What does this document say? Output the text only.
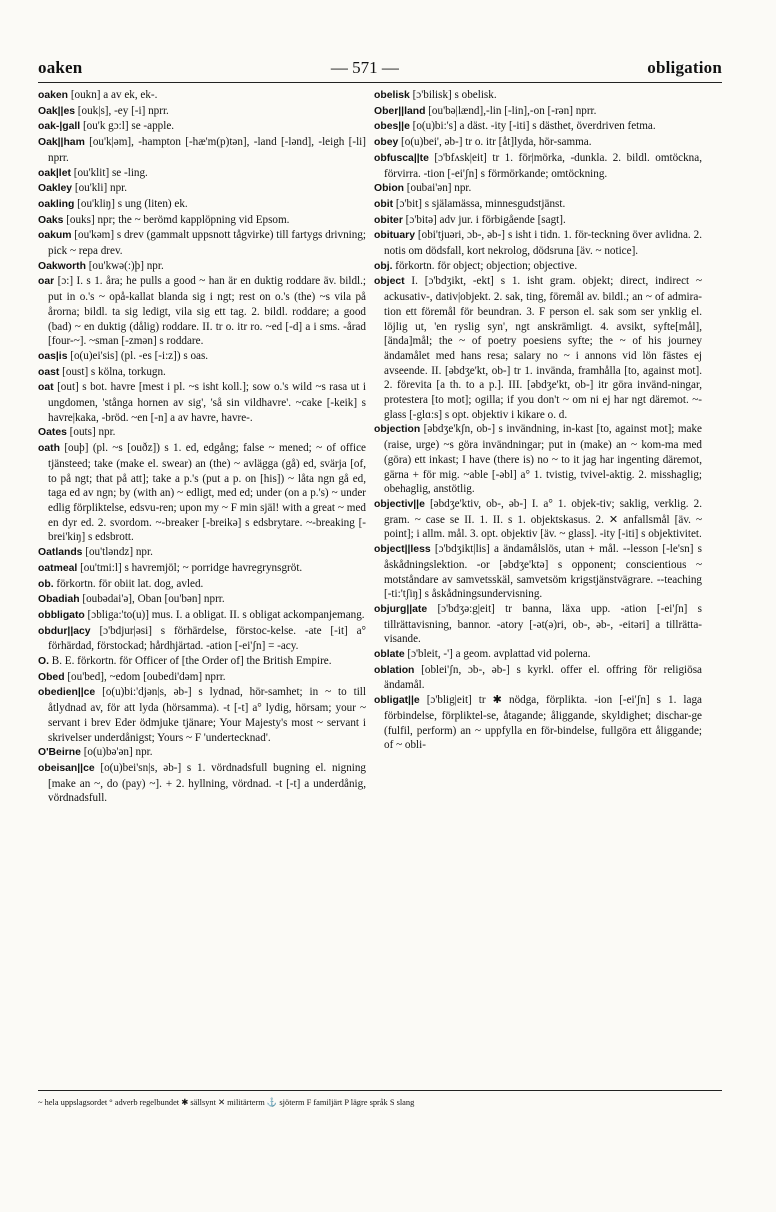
oaken	— 571 —	obligation

oaken [oukn] a av ek, ek-.

Oak||es [ouk|s], -ey [-i] nprr.

oak-|gall [ou'k gɔ:l] se -apple.

Oak||ham [ou'k|əm], -hampton [-hæ'm(p)tən], -land [-lənd], -leigh [-li] nprr.

oak|let [ou'klit] se -ling.

Oakley [ou'kli] npr.

oakling [ou'kliŋ] s ung (liten) ek.

Oaks [ouks] npr; the ~ berömd kapplöpning vid Epsom.

oakum [ou'kəm] s drev (gammalt uppsnott tågvirke) till fartygs drivning; pick ~ repa drev.

Oakworth [ou'kwə(:)þ] npr.

oar [ɔ:] I. s 1. åra; he pulls a good ~ han är en duktig roddare äv. bildl.; put in o.'s ~ opå-kallat blanda sig i ngt; rest on o.'s (the) ~s vila på årorna; bildl. ta sig ledigt, vila sig ett tag. 2. bildl. roddare; a good (bad) ~ en duktig (dålig) roddare. II. tr o. itr ro. ~ed [-d] a i sms. -årad [four-~]. ~sman [-zmən] s roddare.

oas|is [o(u)ei'sis] (pl. -es [-i:z]) s oas.

oast [oust] s kölna, torkugn.

oat [out] s bot. havre [mest i pl. ~s isht koll.]; sow o.'s wild ~s rasa ut i ungdomen, 'stånga hornen av sig', 'så sin vildhavre'. ~cake [-keik] s havre|kaka, -bröd. ~en [-n] a av havre, havre-.

Oates [outs] npr.

oath [ouþ] (pl. ~s [ouðz]) s 1. ed, edgång; false ~ mened; ~ of office tjänsteed; take (make el. swear) an (the) ~ avlägga (gå) ed, svärja [of, to på ngt; that på att]; take a p.'s (put a p. on [his]) ~ låta ngn gå ed, taga ed av ngn; by (with an) ~ edligt, med ed; under (on a p.'s) ~ under edlig förpliktelse, edsvu-ren; upon my ~ F min själ! with a great ~ med en dyr ed. 2. svordom. ~-breaker [-breikə] s edsbrytare. ~-breaking [-brei'kiŋ] s edsbrott.

Oatlands [ou'tləndz] npr.

oatmeal [ou'tmi:l] s havremjöl; ~ porridge havregrynsgröt.

ob. förkortn. för obiit lat. dog, avled.

Obadiah [oubədai'ə], Oban [ou'bən] nprr.

obbligato [ɔbliga:'to(u)] mus. I. a obligat. II. s obligat ackompanjemang.

obdur||acy [ɔ'bdjur|əsi] s förhärdelse, förstoc-kelse. -ate [-it] a° förhärdad, förstockad; hårdhjärtad. -ation [-ei'ʃn] = -acy.

O. B. E. förkortn. för Officer of [the Order of] the British Empire.

Obed [ou'bed], ~edom [oubedi'dəm] nprr.

obedien||ce [o(u)bi:'djən|s, əb-] s lydnad, hör-samhet; in ~ to till åtlydnad av, för att lyda (hörsamma). -t [-t] a° lydig, hörsam; your ~ servant i brev Eder ödmjuke tjänare; Your Majesty's most ~ servant i skrivelser underdånigst; Yours ~ F 'undertecknad'.

O'Beirne [o(u)bə'ən] npr.

obeisan||ce [o(u)bei'sn|s, əb-] s 1. vördnadsfull bugning el. nigning [make an ~, do (pay) ~]. + 2. hyllning, vördnad. -t [-t] a underdånig, vördnadsfull.

obelisk [ɔ'bilisk] s obelisk.

Ober||land [ou'bə|lænd],-lin [-lin],-on [-rən] nprr.

obes||e [o(u)bi:'s] a däst. -ity [-iti] s dästhet, överdriven fetma.

obey [o(u)bei', əb-] tr o. itr [åt]lyda, hör-samma.

obfusca||te [ɔ'bfʌsk|eit] tr 1. för|mörka, -dunkla. 2. bildl. omtöckna, förvirra. -tion [-ei'ʃn] s förmörkande; omtöckning.

Obion [oubai'ən] npr.

obit [ɔ'bit] s själamässa, minnesgudstjänst.

obiter [ɔ'bitə] adv jur. i förbigående [sagt].

obituary [obi'tjuəri, ɔb-, əb-] s isht i tidn. 1. för-teckning över avlidna. 2. notis om dödsfall, kort nekrolog, dödsruna [äv. ~ notice].

obj. förkortn. för object; objection; objective.

object I. [ɔ'bdʒikt, -ekt] s 1. isht gram. objekt; direct, indirect ~ ackusativ-, dativ|objekt. 2. sak, ting, föremål av. bildl.; an ~ of admira-tion ett föremål för beundran. 3. F person el. sak som ser ynklig el. löjlig ut, 'en ryslig syn', ngt anskrämligt. 4. avsikt, syfte[mål], [ända]mål; the ~ of poetry poesiens syfte; the ~ of his journey ändamålet med hans resa; salary no ~ i annons vid lön fästes ej avseende. II. [əbdʒe'kt, ob-] tr 1. invända, framhålla [to, against mot]. 2. förevita [a th. to a p.]. III. [əbdʒe'kt, ob-] itr göra invänd-ningar, protestera [to mot]; ogilla; if you don't ~ om ni ej har ngt däremot. ~-glass [-glɑ:s] s opt. objektiv i kikare o. d.

objection [əbdʒe'kʃn, ob-] s invändning, in-kast [to, against mot]; make (raise, urge) ~s göra invändningar; put in (make) an ~ kom-ma med (göra) ett inkast; I have (there is) no ~ to it jag har ingenting däremot, gärna + för mig. ~able [-əbl] a° 1. tvistig, tvivel-aktig. 2. misshaglig; obehaglig, anstötlig.

objectiv||e [əbdʒe'ktiv, ob-, əb-] I. a° 1. objek-tiv; saklig, verklig. 2. gram. ~ case se II. 1. II. s 1. objektskasus. 2. ✕ anfallsmål [äv. ~ point]; i allm. mål. 3. opt. objektiv [äv. ~ glass]. -ity [-iti] s objektivitet.

object||less [ɔ'bdʒikt|lis] a ändamålslös, utan + mål. --lesson [-le'sn] s åskådningslektion. -or [əbdʒe'ktə] s opponent; conscientious ~ motståndare av samvetsskäl, samvetsöm krigstjänstvägrare. --teaching [-ti:'tʃiŋ] s åskådningsundervisning.

objurg||ate [ɔ'bdʒə:g|eit] tr banna, läxa upp. -ation [-ei'ʃn] s tillrättavisning, bannor. -atory [-ət(ə)ri, ob-, əb-, -eitəri] a tillrätta-visande.

oblate [ɔ'bleit, -'] a geom. avplattad vid polerna.

oblation [oblei'ʃn, ɔb-, əb-] s kyrkl. offer el. offring för religiösa ändamål.

obligat||e [ɔ'blig|eit] tr ✱ nödga, förplikta. -ion [-ei'ʃn] s 1. laga förbindelse, förpliktel-se, åtagande; åliggande, skyldighet; dischar-ge (fulfil, perform) an ~ uppfylla en för-bindelse, fullgöra ett åliggande; of ~ obli-

~ hela uppslagsordet ° adverb regelbundet ✱ sällsynt ✕ militärterm ⚓ sjöterm F familjärt P lägre språk S slang
